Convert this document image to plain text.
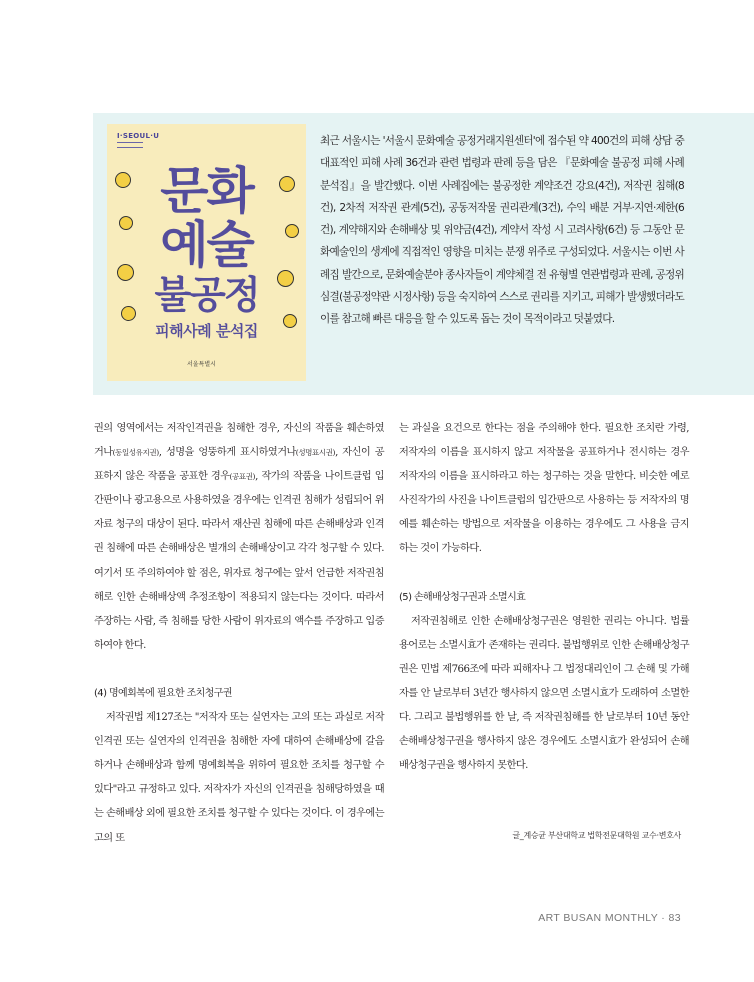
I·SEOUL·U
문화
예술
불공정
피해사례 분석집
서울특별시
최근 서울시는 '서울시 문화예술 공정거래지원센터'에 접수된 약 400건의 피해 상담 중 대표적인 피해 사례 36건과 관련 법령과 판례 등을 담은 『문화예술 불공정 피해 사례분석집』을 발간했다. 이번 사례집에는 불공정한 계약조건 강요(4건), 저작권 침해(8건), 2차적 저작권 관계(5건), 공동저작물 권리관계(3건), 수익 배분 거부·지연·제한(6건), 계약해지와 손해배상 및 위약금(4건), 계약서 작성 시 고려사항(6건) 등 그동안 문화예술인의 생계에 직접적인 영향을 미치는 분쟁 위주로 구성되었다. 서울시는 이번 사례집 발간으로, 문화예술분야 종사자들이 계약체결 전 유형별 연관법령과 판례, 공정위 심결(불공정약관 시정사항) 등을 숙지하여 스스로 권리를 지키고, 피해가 발생했더라도 이를 참고해 빠른 대응을 할 수 있도록 돕는 것이 목적이라고 덧붙였다.

권의 영역에서는 저작인격권을 침해한 경우, 자신의 작품을 훼손하였거나(동일성유지권), 성명을 엉뚱하게 표시하였거나(성명표시권), 자신이 공표하지 않은 작품을 공표한 경우(공표권), 작가의 작품을 나이트클럽 입간판이나 광고용으로 사용하였을 경우에는 인격권 침해가 성립되어 위자료 청구의 대상이 된다. 따라서 재산권 침해에 따른 손해배상과 인격권 침해에 따른 손해배상은 별개의 손해배상이고 각각 청구할 수 있다. 여기서 또 주의하여야 할 점은, 위자료 청구에는 앞서 언급한 저작권침해로 인한 손해배상액 추정조항이 적용되지 않는다는 것이다. 따라서 주장하는 사람, 즉 침해를 당한 사람이 위자료의 액수를 주장하고 입증하여야 한다.

(4) 명예회복에 필요한 조치청구권

저작권법 제127조는 "저작자 또는 실연자는 고의 또는 과실로 저작인격권 또는 실연자의 인격권을 침해한 자에 대하여 손해배상에 갈음하거나 손해배상과 함께 명예회복을 위하여 필요한 조치를 청구할 수 있다"라고 규정하고 있다. 저작자가 자신의 인격권을 침해당하였을 때는 손해배상 외에 필요한 조치를 청구할 수 있다는 것이다. 이 경우에는 고의 또

는 과실을 요건으로 한다는 점을 주의해야 한다. 필요한 조치란 가령, 저작자의 이름을 표시하지 않고 저작물을 공표하거나 전시하는 경우 저작자의 이름을 표시하라고 하는 청구하는 것을 말한다. 비슷한 예로 사진작가의 사진을 나이트클럽의 입간판으로 사용하는 등 저작자의 명예를 훼손하는 방법으로 저작물을 이용하는 경우에도 그 사용을 금지하는 것이 가능하다.

(5) 손해배상청구권과 소멸시효

저작권침해로 인한 손해배상청구권은 영원한 권리는 아니다. 법률용어로는 소멸시효가 존재하는 권리다. 불법행위로 인한 손해배상청구권은 민법 제766조에 따라 피해자나 그 법정대리인이 그 손해 및 가해자를 안 날로부터 3년간 행사하지 않으면 소멸시효가 도래하여 소멸한다. 그리고 불법행위를 한 날, 즉 저작권침해를 한 날로부터 10년 동안 손해배상청구권을 행사하지 않은 경우에도 소멸시효가 완성되어 손해배상청구권을 행사하지 못한다.

글_계승균 부산대학교 법학전문대학원 교수·변호사
ART BUSAN MONTHLY · 83
